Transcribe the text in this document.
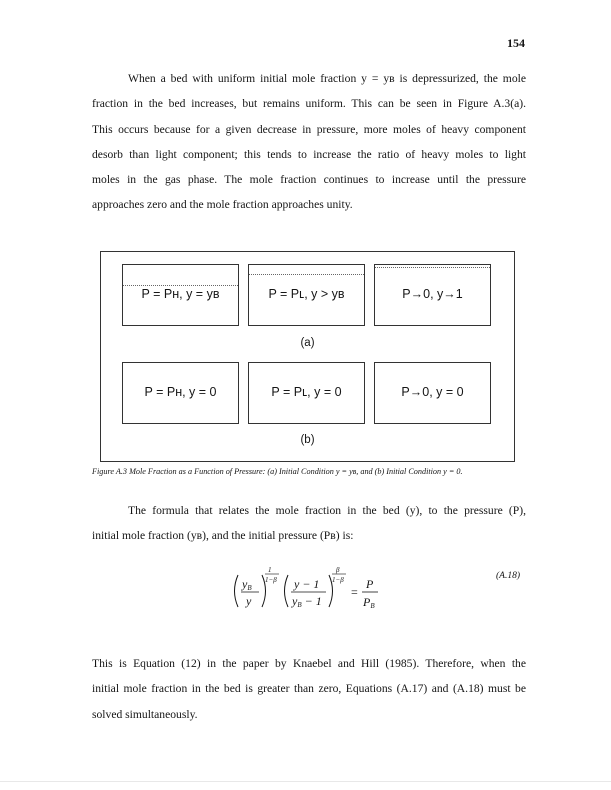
154
When a bed with uniform initial mole fraction y = yʙ is depressurized, the mole
fraction in the bed increases, but remains uniform. This can be seen in Figure A.3(a).
This occurs because for a given decrease in pressure, more moles of heavy component
desorb than light component; this tends to increase the ratio of heavy moles to light
moles in the gas phase. The mole fraction continues to increase until the pressure
approaches zero and the mole fraction approaches unity.
P = Pʜ, y = yʙ	P = Pʟ, y > yʙ	P→0, y→1
(a)
P = Pʜ, y = 0	P = Pʟ, y = 0	P→0, y = 0
(b)
Figure A.3 Mole Fraction as a Function of Pressure: (a) Initial Condition y = yʙ, and (b) Initial Condition y = 0.
The formula that relates the mole fraction in the bed (y), to the pressure (P),
initial mole fraction (yʙ), and the initial pressure (Pʙ) is:
yB
y
1
1−β y − 1
yB − 1
β
1−β
=
P
PB
(A.18)
This is Equation (12) in the paper by Knaebel and Hill (1985). Therefore, when the
initial mole fraction in the bed is greater than zero, Equations (A.17) and (A.18) must be
solved simultaneously.
